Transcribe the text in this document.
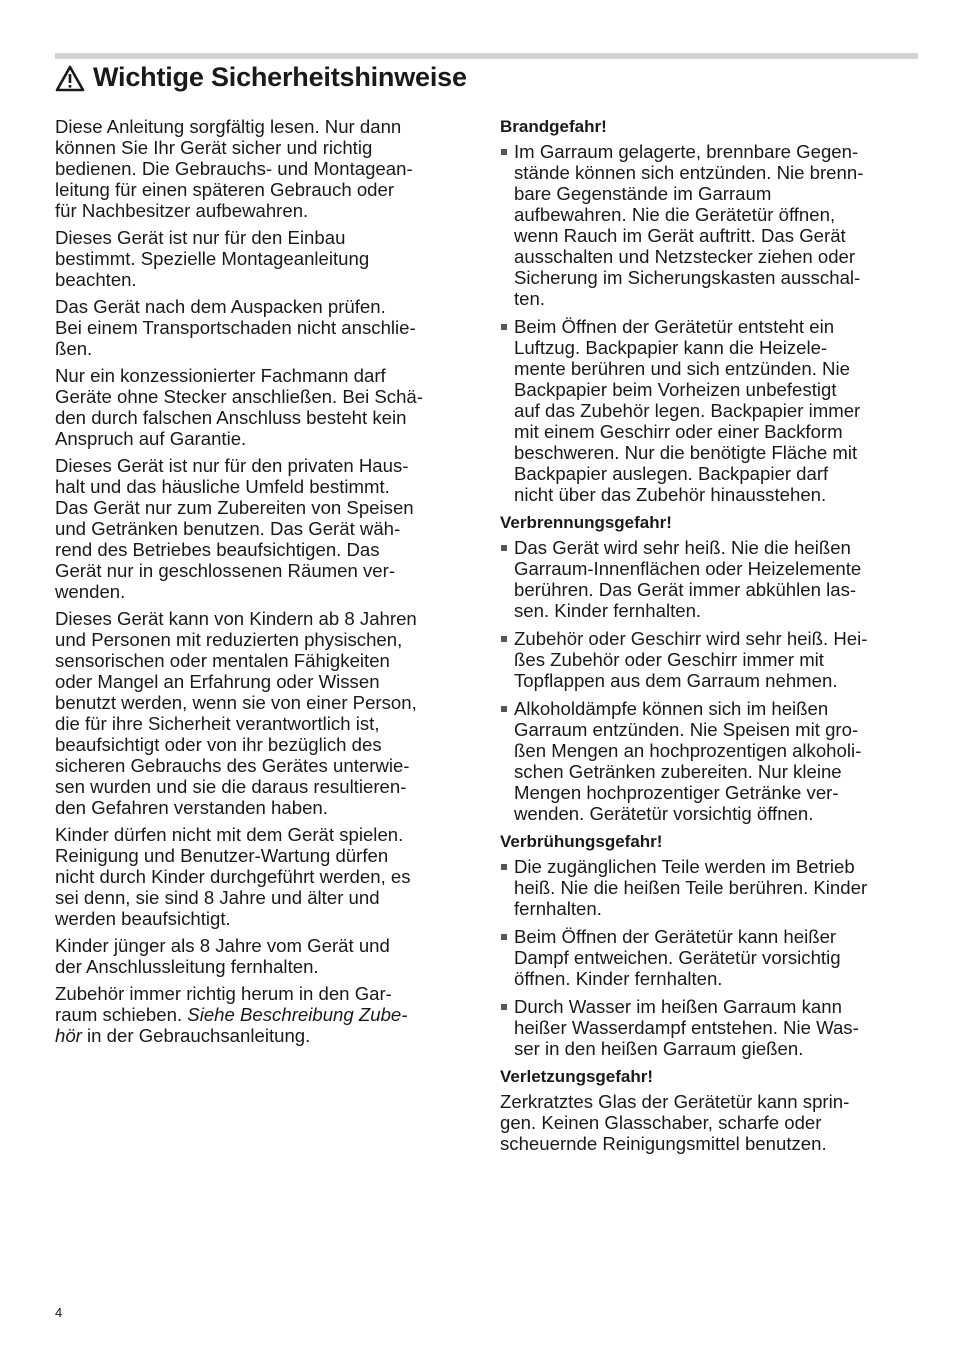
Wichtige Sicherheitshinweise

Diese Anleitung sorgfältig lesen. Nur dann
können Sie Ihr Gerät sicher und richtig
bedienen. Die Gebrauchs- und Montagean-
leitung für einen späteren Gebrauch oder
für Nachbesitzer aufbewahren.

Dieses Gerät ist nur für den Einbau
bestimmt. Spezielle Montageanleitung
beachten.

Das Gerät nach dem Auspacken prüfen.
Bei einem Transportschaden nicht anschlie-
ßen.

Nur ein konzessionierter Fachmann darf
Geräte ohne Stecker anschließen. Bei Schä-
den durch falschen Anschluss besteht kein
Anspruch auf Garantie.

Dieses Gerät ist nur für den privaten Haus-
halt und das häusliche Umfeld bestimmt.
Das Gerät nur zum Zubereiten von Speisen
und Getränken benutzen. Das Gerät wäh-
rend des Betriebes beaufsichtigen. Das
Gerät nur in geschlossenen Räumen ver-
wenden.

Dieses Gerät kann von Kindern ab 8 Jahren
und Personen mit reduzierten physischen,
sensorischen oder mentalen Fähigkeiten
oder Mangel an Erfahrung oder Wissen
benutzt werden, wenn sie von einer Person,
die für ihre Sicherheit verantwortlich ist,
beaufsichtigt oder von ihr bezüglich des
sicheren Gebrauchs des Gerätes unterwie-
sen wurden und sie die daraus resultieren-
den Gefahren verstanden haben.

Kinder dürfen nicht mit dem Gerät spielen.
Reinigung und Benutzer-Wartung dürfen
nicht durch Kinder durchgeführt werden, es
sei denn, sie sind 8 Jahre und älter und
werden beaufsichtigt.

Kinder jünger als 8 Jahre vom Gerät und
der Anschlussleitung fernhalten.

Zubehör immer richtig herum in den Gar-
raum schieben. Siehe Beschreibung Zube-
hör in der Gebrauchsanleitung.

Brandgefahr!
Im Garraum gelagerte, brennbare Gegen-
stände können sich entzünden. Nie brenn-
bare Gegenstände im Garraum
aufbewahren. Nie die Gerätetür öffnen,
wenn Rauch im Gerät auftritt. Das Gerät
ausschalten und Netzstecker ziehen oder
Sicherung im Sicherungskasten ausschal-
ten.
Beim Öffnen der Gerätetür entsteht ein
Luftzug. Backpapier kann die Heizele-
mente berühren und sich entzünden. Nie
Backpapier beim Vorheizen unbefestigt
auf das Zubehör legen. Backpapier immer
mit einem Geschirr oder einer Backform
beschweren. Nur die benötigte Fläche mit
Backpapier auslegen. Backpapier darf
nicht über das Zubehör hinausstehen.
Verbrennungsgefahr!
Das Gerät wird sehr heiß. Nie die heißen
Garraum-Innenflächen oder Heizelemente
berühren. Das Gerät immer abkühlen las-
sen. Kinder fernhalten.
Zubehör oder Geschirr wird sehr heiß. Hei-
ßes Zubehör oder Geschirr immer mit
Topflappen aus dem Garraum nehmen.
Alkoholdämpfe können sich im heißen
Garraum entzünden. Nie Speisen mit gro-
ßen Mengen an hochprozentigen alkoholi-
schen Getränken zubereiten. Nur kleine
Mengen hochprozentiger Getränke ver-
wenden. Gerätetür vorsichtig öffnen.
Verbrühungsgefahr!
Die zugänglichen Teile werden im Betrieb
heiß. Nie die heißen Teile berühren. Kinder
fernhalten.
Beim Öffnen der Gerätetür kann heißer
Dampf entweichen. Gerätetür vorsichtig
öffnen. Kinder fernhalten.
Durch Wasser im heißen Garraum kann
heißer Wasserdampf entstehen. Nie Was-
ser in den heißen Garraum gießen.
Verletzungsgefahr!

Zerkratztes Glas der Gerätetür kann sprin-
gen. Keinen Glasschaber, scharfe oder
scheuernde Reinigungsmittel benutzen.

4
